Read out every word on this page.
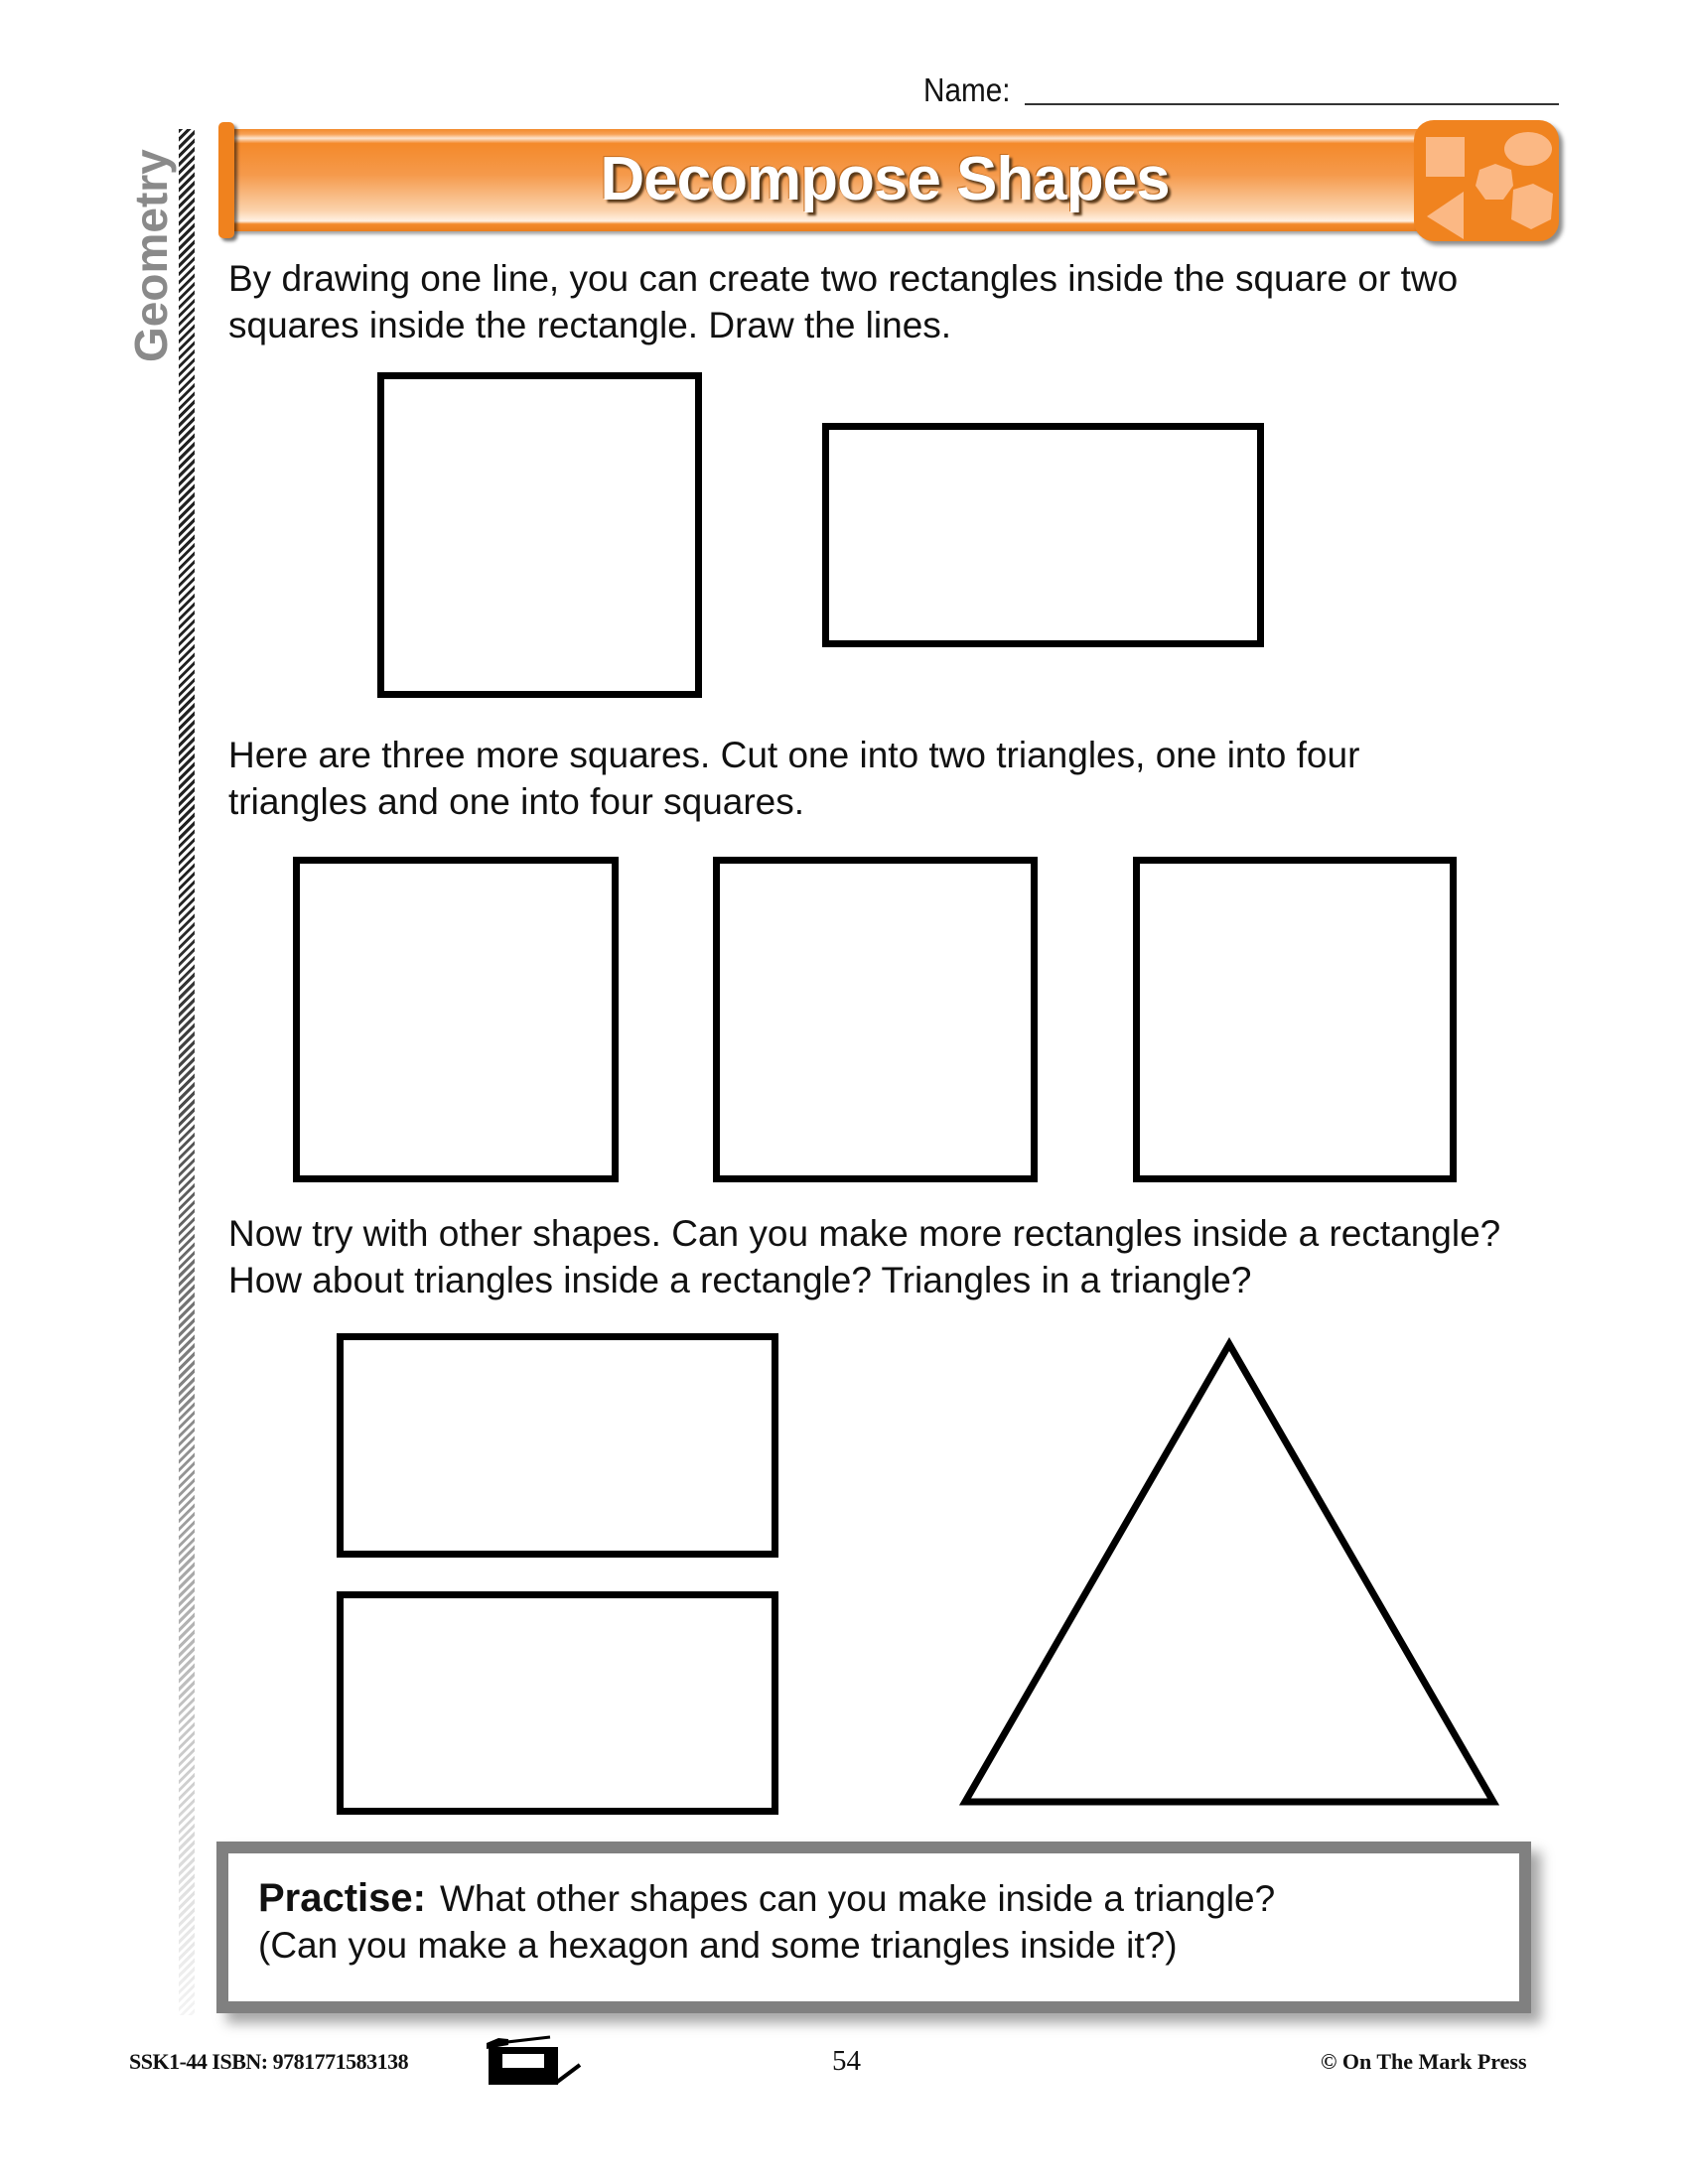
Name:
Geometry	Decompose Shapes
By drawing one line, you can create two rectangles inside the square or two
squares inside the rectangle. Draw the lines.
Here are three more squares. Cut one into two triangles, one into four
triangles and one into four squares.
Now try with other shapes. Can you make more rectangles inside a rectangle?
How about triangles inside a rectangle? Triangles in a triangle?
Practise: What other shapes can you make inside a triangle?
(Can you make a hexagon and some triangles inside it?)
SSK1-44 ISBN: 9781771583138	54	© On The Mark Press
